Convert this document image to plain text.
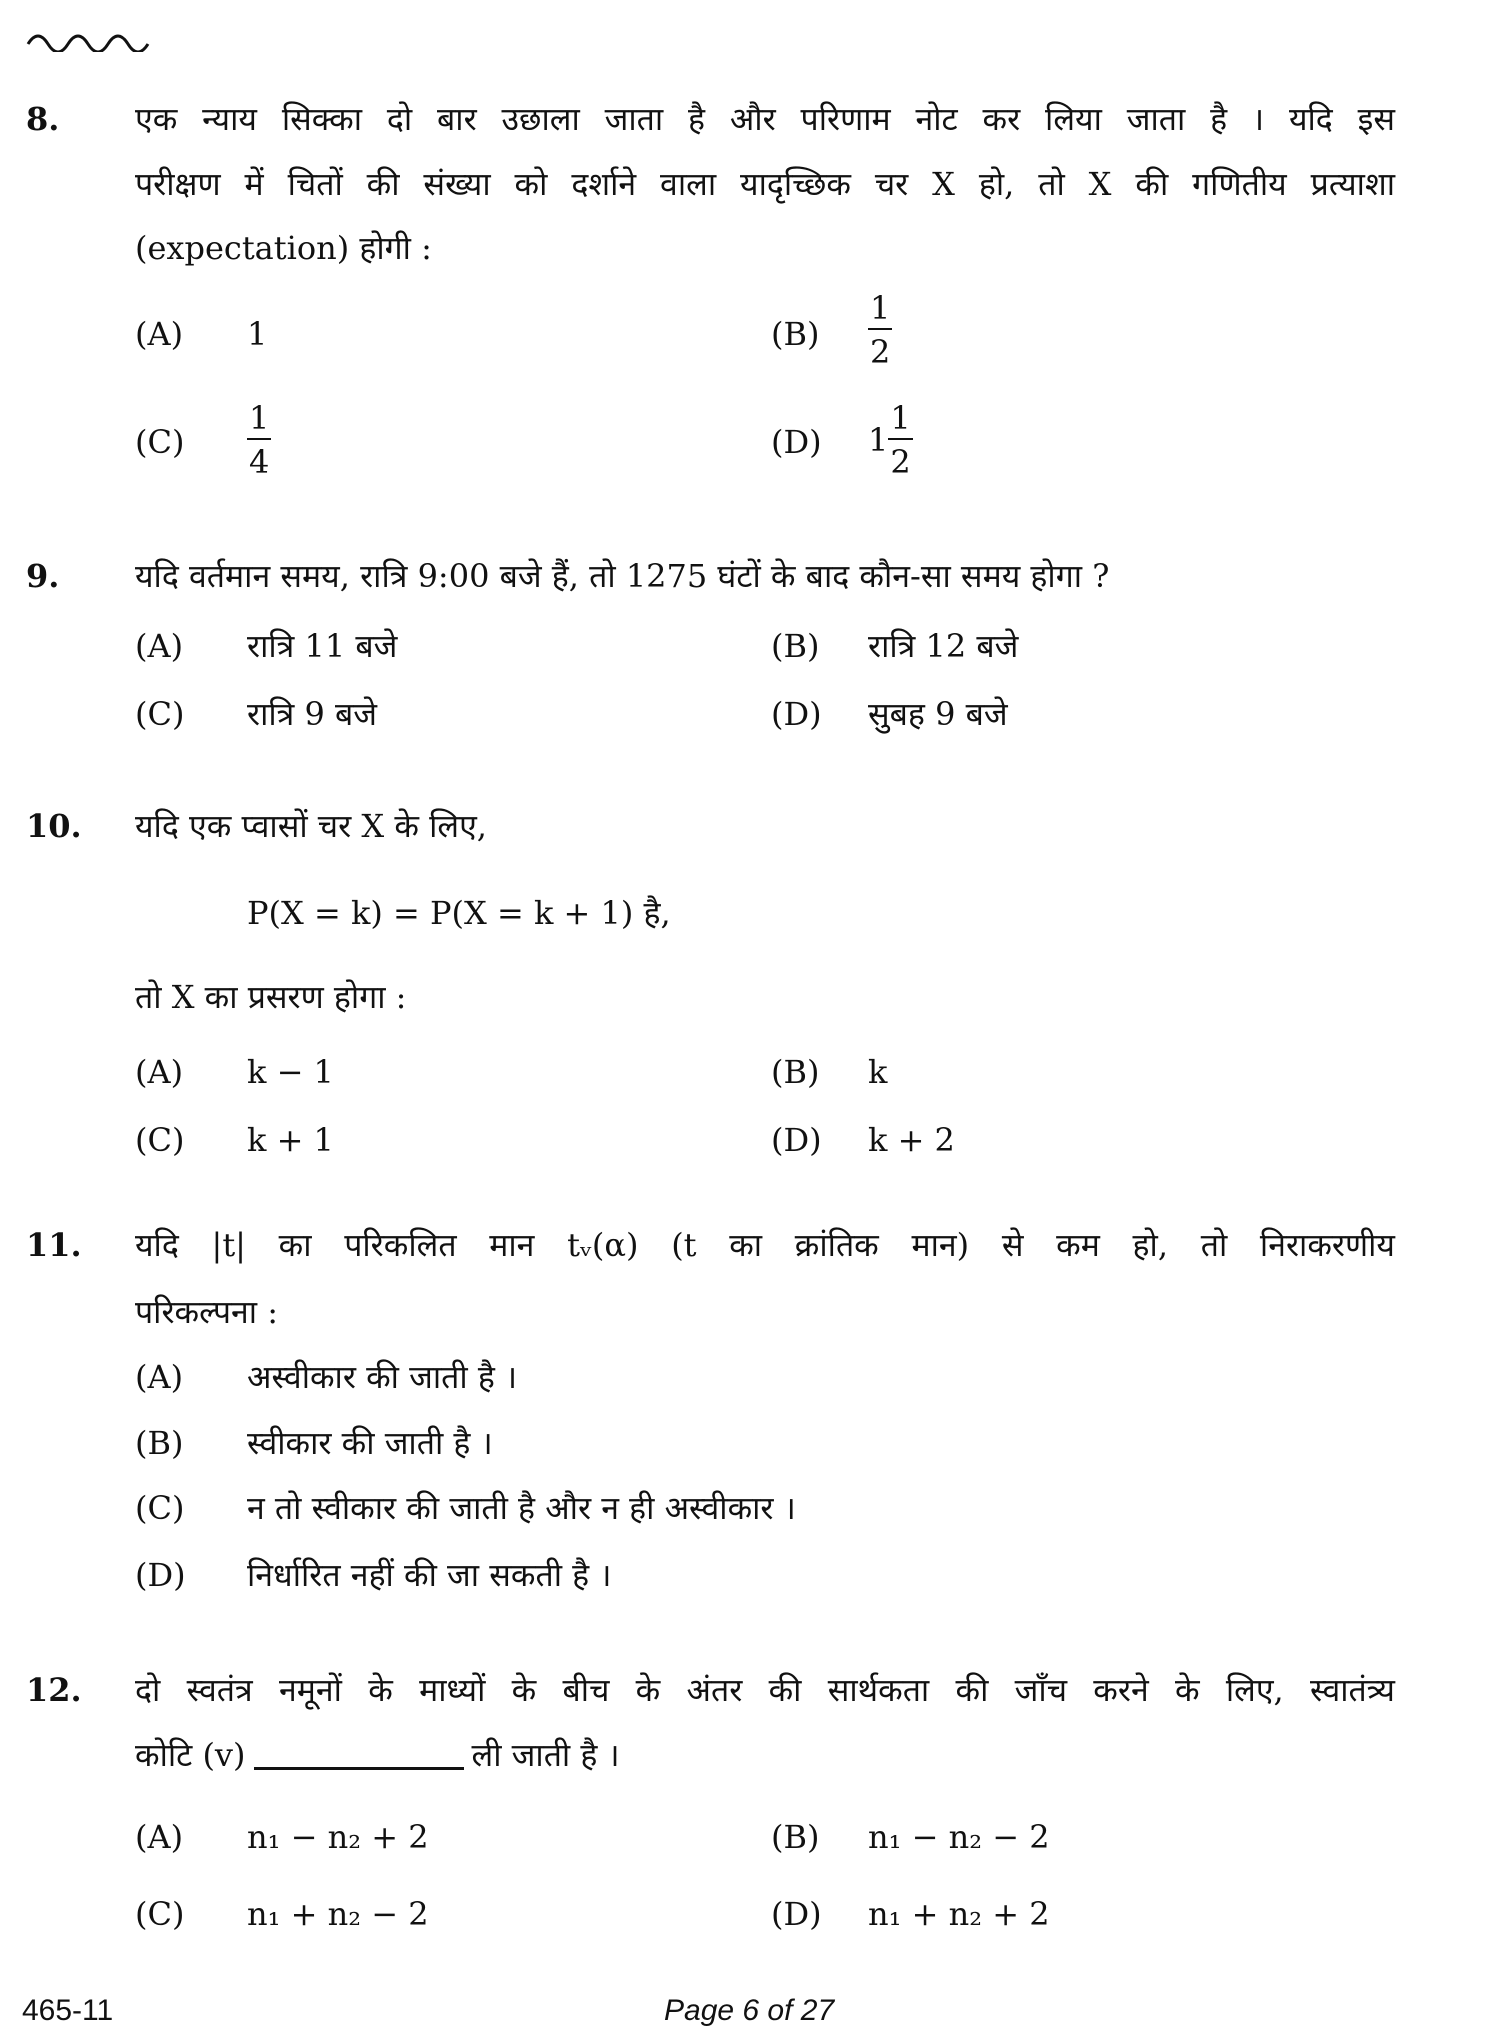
8. एक न्याय सिक्का दो बार उछाला जाता है और परिणाम नोट कर लिया जाता है । यदि इस
परीक्षण में चितों की संख्या को दर्शाने वाला यादृच्छिक चर X हो, तो X की गणितीय प्रत्याशा
(expectation) होगी :
(A) 1	$(B) \frac{1}{2}$
$(C) \frac{1}{4}$	(D) $1 \frac{1}{2}$
9. यदि वर्तमान समय, रात्रि 9:00 बजे हैं, तो 1275 घंटों के बाद कौन-सा समय होगा ?
(A) रात्रि 11 बजे	(B) रात्रि 12 बजे
(C) रात्रि 9 बजे	(D) सुबह 9 बजे
10. यदि एक प्वासों चर X के लिए,
P(X = k) = P(X = k + 1) है,
तो X का प्रसरण होगा :
(A) k − 1	(B) k
(C) k + 1	(D) k + 2
11. यदि |t| का परिकलित मान tᵥ(α) (t का क्रांतिक मान) से कम हो, तो निराकरणीय
परिकल्पना :
(A) अस्वीकार की जाती है ।
(B) स्वीकार की जाती है ।
(C) न तो स्वीकार की जाती है और न ही अस्वीकार ।
(D) निर्धारित नहीं की जा सकती है ।
12. दो स्वतंत्र नमूनों के माध्यों के बीच के अंतर की सार्थकता की जाँच करने के लिए, स्वातंत्र्य
कोटि (v)	ली जाती है ।
(A) n₁ − n₂ + 2	(B) n₁ − n₂ − 2
(C) n₁ + n₂ − 2	(D) n₁ + n₂ + 2
465-11	Page 6 of 27
